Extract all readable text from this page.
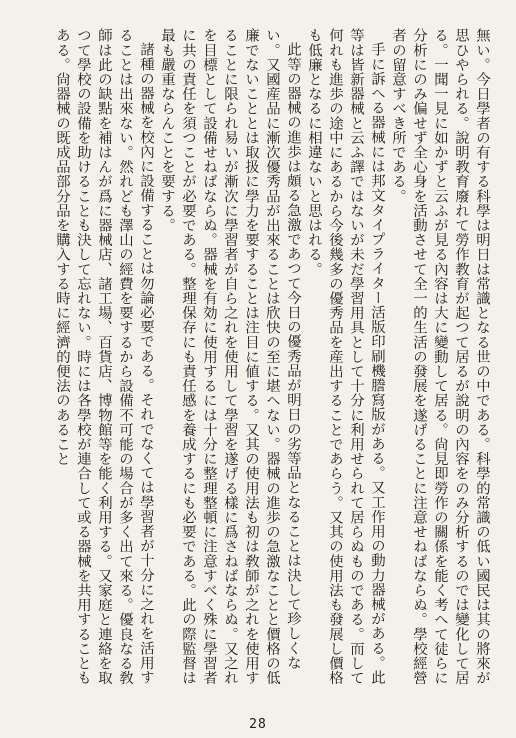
無い。今日學者の有する科學は明日は常識となる世の中である。科學的常識の低い國民は其の將來が思ひやられる。說明教育廢れて勞作教育が起つて居るが說明の內容をのみ分析するのでは變化して居る。一聞一見に如かずと云ふが見る內容は大に變動して居る。尙見即勞作の關係を能く考へて徒らに分析にのみ偏せず全心身を活動させて全一的生活の發展を遂げることに注意せねばならぬ。學校經營者の留意すべき所である。

手に訴へる器械には邦文タイプライター活版印刷機謄寫版がある。又工作用の動力器械がある。此等は皆新器械と云ふ譯ではないが未だ學習用具として十分に利用せられて居らぬものである。而して何れも進歩の途中にあるから今後幾多の優秀品を産出することであらう。又其の使用法も發展し價格も低廉となるに相違ないと思はれる。

此等の器械の進歩は頗る急激であつて今日の優秀品が明日の劣等品となることは決して珍しくない。又國産品に漸次優秀品が出來ることは欣快の至に堪へない。器械の進歩の急激なことと價格の低廉でないこととは取扱に學力を要することは注目に値する。又其の使用法も初は敎師が之れを使用することに限られ易いが漸次に學習者が自ら之れを使用して學習を遂げる樣に爲さねばならぬ。又之れを目標として設備せねばならぬ。器械を有効に使用するには十分に整理整頓に注意すべく殊に學習者に共の責任を須つことが必要である。整理保存にも責任感を養成するにも必要である。此の際監督は最も嚴重ならんことを要する。

諸種の器械を校內に設備することは勿論必要である。それでなくては學習者が十分に之れを活用することは出來ない。然れども澤山の經費を要するから設備不可能の場合が多く出て來る。優良なる敎師は此の缺點を補はんが爲に器械店、諸工場、百貨店、博物館等を能く利用する。又家庭と連絡を取つて學校の設備を助けることも決して忘れない。時には各學校が連合して或る器械を共用することもある。尙器械の既成品部分品を購入する時に經濟的便法のあること

28
